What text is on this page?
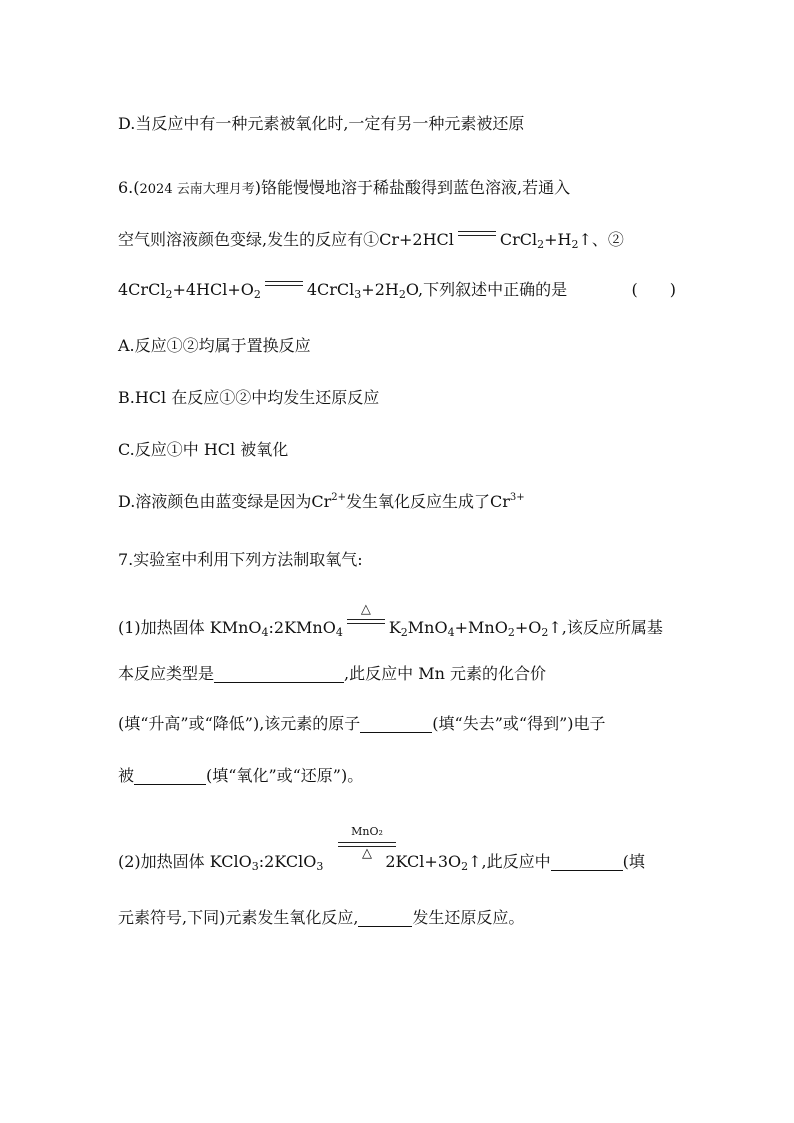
D.当反应中有一种元素被氧化时,一定有另一种元素被还原
6.(2024 云南大理月考)铬能慢慢地溶于稀盐酸得到蓝色溶液,若通入
空气则溶液颜色变绿,发生的反应有①Cr+2HCl	$CrCl_2+H_2↑$、②
$4CrCl_2+4HCl+O_2$	$4CrCl_3+2H_2O$,下列叙述中正确的是	(　　)
A.反应①②均属于置换反应
B.HCl 在反应①②中均发生还原反应
C.反应①中 HCl 被氧化
D.溶液颜色由蓝变绿是因为$Cr^{2+}$发生氧化反应生成了$Cr^{3+}$
7.实验室中利用下列方法制取氧气:
(1)加热固体 KMnO$_4$:2KMnO$_4$
△
$K_2MnO_4+MnO_2+O_2↑$,该反应所属基
本反应类型是	,此反应中 Mn 元素的化合价
(填“升高”或“降低”),该元素的原子	(填“失去”或“得到”)电子
被	(填“氧化”或“还原”)。
(2)加热固体 KClO$_3$:2KClO$_3$	$2KCl+3O_2↑$,此反应中	(填
MnO₂
△
元素符号,下同)元素发生氧化反应,	发生还原反应。
